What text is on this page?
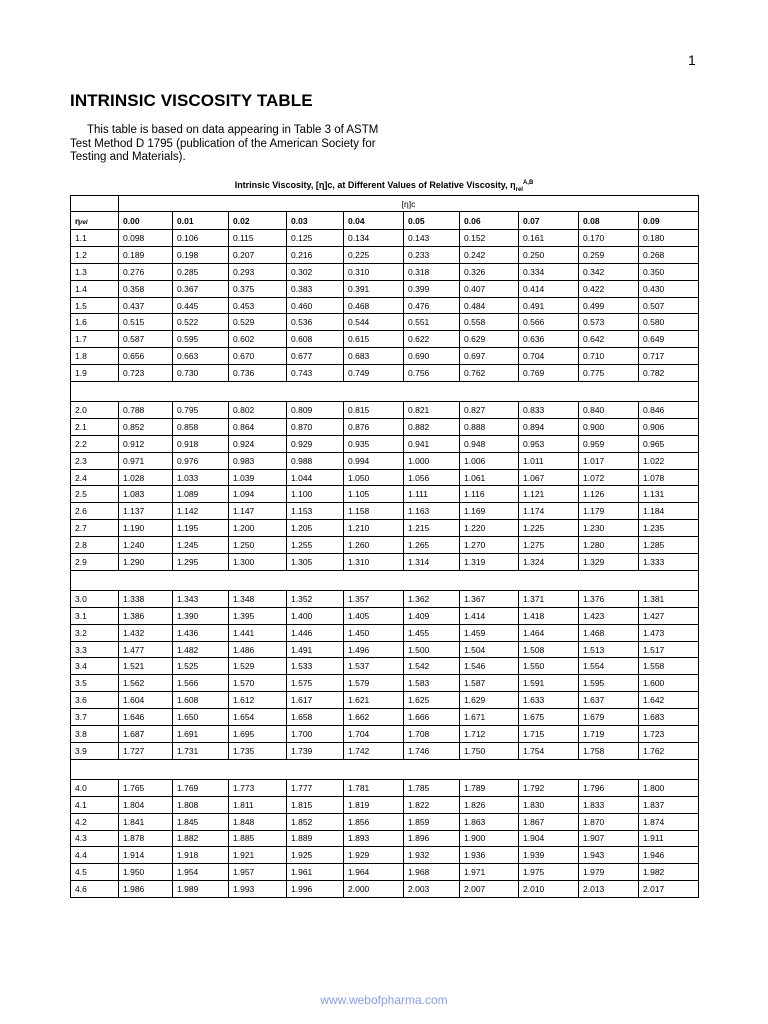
1
INTRINSIC VISCOSITY TABLE

This table is based on data appearing in Table 3 of ASTM Test Method D 1795 (publication of the American Society for Testing and Materials).

Intrinsic Viscosity, [η]c, at Different Values of Relative Viscosity, $\eta_{rel}^{A,B}$
	[η]c									
ηrel	0.00	0.01	0.02	0.03	0.04	0.05	0.06	0.07	0.08	0.09
1.1	0.098	0.106	0.115	0.125	0.134	0.143	0.152	0.161	0.170	0.180
1.2	0.189	0.198	0.207	0.216	0.225	0.233	0.242	0.250	0.259	0.268
1.3	0.276	0.285	0.293	0.302	0.310	0.318	0.326	0.334	0.342	0.350
1.4	0.358	0.367	0.375	0.383	0.391	0.399	0.407	0.414	0.422	0.430
1.5	0.437	0.445	0.453	0.460	0.468	0.476	0.484	0.491	0.499	0.507
1.6	0.515	0.522	0.529	0.536	0.544	0.551	0.558	0.566	0.573	0.580
1.7	0.587	0.595	0.602	0.608	0.615	0.622	0.629	0.636	0.642	0.649
1.8	0.656	0.663	0.670	0.677	0.683	0.690	0.697	0.704	0.710	0.717
1.9	0.723	0.730	0.736	0.743	0.749	0.756	0.762	0.769	0.775	0.782

2.0	0.788	0.795	0.802	0.809	0.815	0.821	0.827	0.833	0.840	0.846
2.1	0.852	0.858	0.864	0.870	0.876	0.882	0.888	0.894	0.900	0.906
2.2	0.912	0.918	0.924	0.929	0.935	0.941	0.948	0.953	0.959	0.965
2.3	0.971	0.976	0.983	0.988	0.994	1.000	1.006	1.011	1.017	1.022
2.4	1.028	1.033	1.039	1.044	1.050	1.056	1.061	1.067	1.072	1.078
2.5	1.083	1.089	1.094	1.100	1.105	1.111	1.116	1.121	1.126	1.131
2.6	1.137	1.142	1.147	1.153	1.158	1.163	1.169	1.174	1.179	1.184
2.7	1.190	1.195	1.200	1.205	1.210	1.215	1.220	1.225	1.230	1.235
2.8	1.240	1.245	1.250	1.255	1.260	1.265	1.270	1.275	1.280	1.285
2.9	1.290	1.295	1.300	1.305	1.310	1.314	1.319	1.324	1.329	1.333

3.0	1.338	1.343	1.348	1.352	1.357	1.362	1.367	1.371	1.376	1.381
3.1	1.386	1.390	1.395	1.400	1.405	1.409	1.414	1.418	1.423	1.427
3.2	1.432	1.436	1.441	1.446	1.450	1.455	1.459	1.464	1.468	1.473
3.3	1.477	1.482	1.486	1.491	1.496	1.500	1.504	1.508	1.513	1.517
3.4	1.521	1.525	1.529	1.533	1.537	1.542	1.546	1.550	1.554	1.558
3.5	1.562	1.566	1.570	1.575	1.579	1.583	1.587	1.591	1.595	1.600
3.6	1.604	1.608	1.612	1.617	1.621	1.625	1.629	1.633	1.637	1.642
3.7	1.646	1.650	1.654	1.658	1.662	1.666	1.671	1.675	1.679	1.683
3.8	1.687	1.691	1.695	1.700	1.704	1.708	1.712	1.715	1.719	1.723
3.9	1.727	1.731	1.735	1.739	1.742	1.746	1.750	1.754	1.758	1.762

4.0	1.765	1.769	1.773	1.777	1.781	1.785	1.789	1.792	1.796	1.800
4.1	1.804	1.808	1.811	1.815	1.819	1.822	1.826	1.830	1.833	1.837
4.2	1.841	1.845	1.848	1.852	1.856	1.859	1.863	1.867	1.870	1.874
4.3	1.878	1.882	1.885	1.889	1.893	1.896	1.900	1.904	1.907	1.911
4.4	1.914	1.918	1.921	1.925	1.929	1.932	1.936	1.939	1.943	1.946
4.5	1.950	1.954	1.957	1.961	1.964	1.968	1.971	1.975	1.979	1.982
4.6	1.986	1.989	1.993	1.996	2.000	2.003	2.007	2.010	2.013	2.017
www.webofpharma.com
